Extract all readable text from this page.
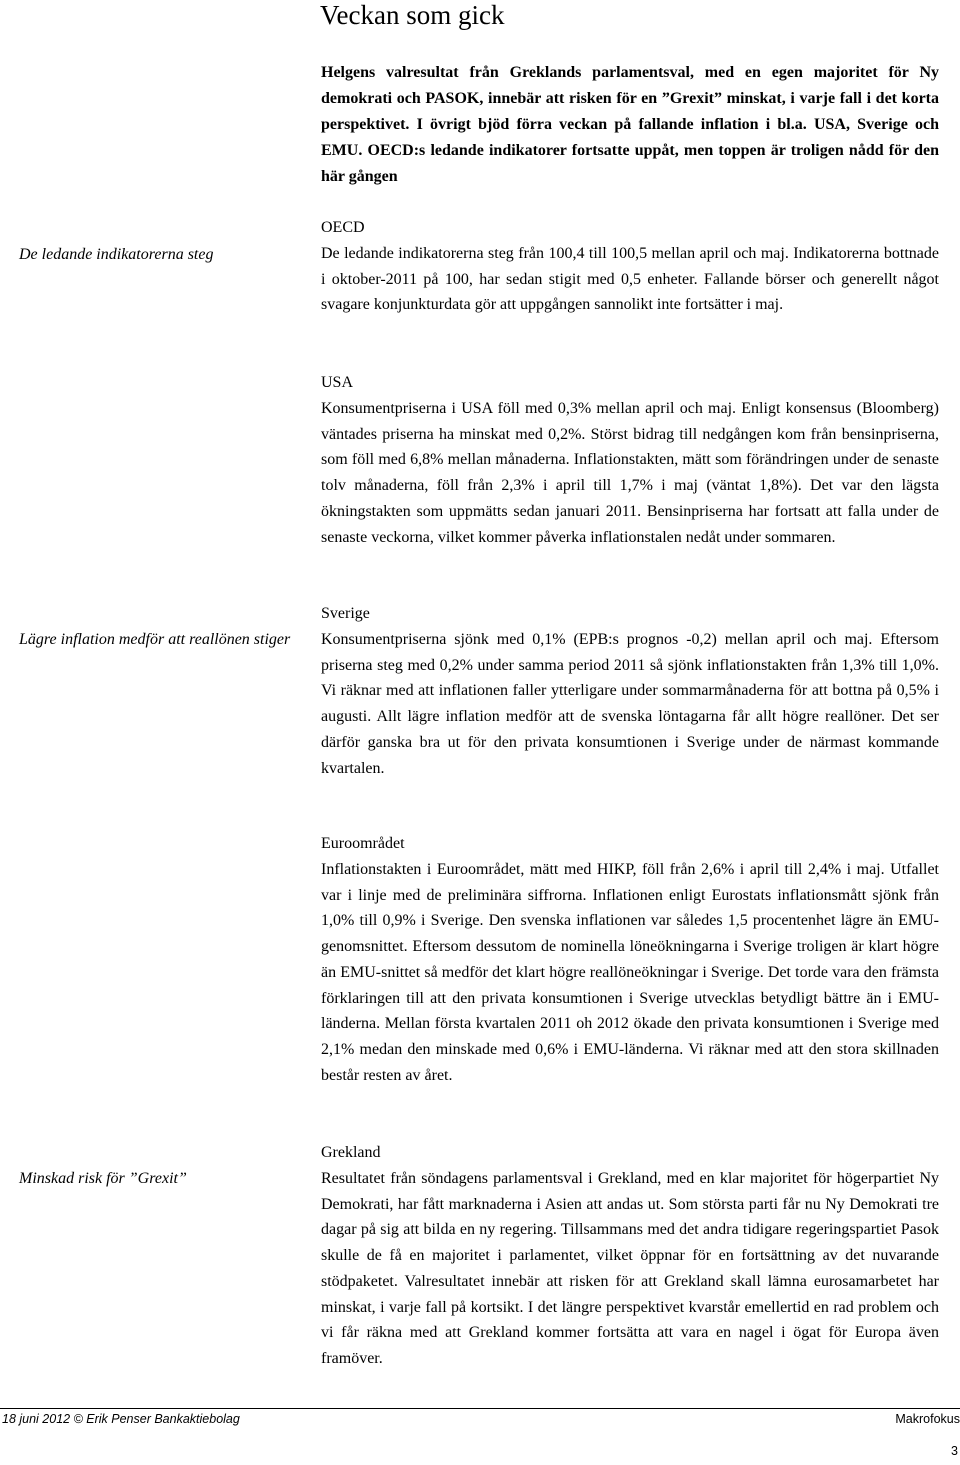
Veckan som gick
Helgens valresultat från Greklands parlamentsval, med en egen majoritet för Ny demokrati och PASOK, innebär att risken för en ”Grexit” minskat, i varje fall i det korta perspektivet. I övrigt bjöd förra veckan på fallande inflation i bl.a. USA, Sverige och EMU. OECD:s ledande indikatorer fortsatte uppåt, men toppen är troligen nådd för den här gången
De ledande indikatorerna steg
Lägre inflation medför att reallönen stiger
Minskad risk för ”Grexit”
OECD

De ledande indikatorerna steg från 100,4 till 100,5 mellan april och maj. Indikatorerna bottnade i oktober-2011 på 100, har sedan stigit med 0,5 enheter. Fallande börser och generellt något svagare konjunkturdata gör att uppgången sannolikt inte fortsätter i maj.

USA

Konsumentpriserna i USA föll med 0,3% mellan april och maj. Enligt konsensus (Bloomberg) väntades priserna ha minskat med 0,2%. Störst bidrag till nedgången kom från bensinpriserna, som föll med 6,8% mellan månaderna. Inflationstakten, mätt som förändringen under de senaste tolv månaderna, föll från 2,3% i april till 1,7% i maj (väntat 1,8%). Det var den lägsta ökningstakten som uppmätts sedan januari 2011. Bensinpriserna har fortsatt att falla under de senaste veckorna, vilket kommer påverka inflationstalen nedåt under sommaren.

Sverige

Konsumentpriserna sjönk med 0,1% (EPB:s prognos -0,2) mellan april och maj. Eftersom priserna steg med 0,2% under samma period 2011 så sjönk inflationstakten från 1,3% till 1,0%. Vi räknar med att inflationen faller ytterligare under sommarmånaderna för att bottna på 0,5% i augusti. Allt lägre inflation medför att de svenska löntagarna får allt högre reallöner. Det ser därför ganska bra ut för den privata konsumtionen i Sverige under de närmast kommande kvartalen.

Euroområdet

Inflationstakten i Euroområdet, mätt med HIKP, föll från 2,6% i april till 2,4% i maj. Utfallet var i linje med de preliminära siffrorna. Inflationen enligt Eurostats inflationsmått sjönk från 1,0% till 0,9% i Sverige. Den svenska inflationen var således 1,5 procentenhet lägre än EMU-genomsnittet. Eftersom dessutom de nominella löneökningarna i Sverige troligen är klart högre än EMU-snittet så medför det klart högre reallöneökningar i Sverige. Det torde vara den främsta förklaringen till att den privata konsumtionen i Sverige utvecklas betydligt bättre än i EMU-länderna. Mellan första kvartalen 2011 oh 2012 ökade den privata konsumtionen i Sverige med 2,1% medan den minskade med 0,6% i EMU-länderna. Vi räknar med att den stora skillnaden består resten av året.

Grekland

Resultatet från söndagens parlamentsval i Grekland, med en klar majoritet för högerpartiet Ny Demokrati, har fått marknaderna i Asien att andas ut. Som största parti får nu Ny Demokrati tre dagar på sig att bilda en ny regering. Tillsammans med det andra tidigare regeringspartiet Pasok skulle de få en majoritet i parlamentet, vilket öppnar för en fortsättning av det nuvarande stödpaketet. Valresultatet innebär att risken för att Grekland skall lämna eurosamarbetet har minskat, i varje fall på kortsikt. I det längre perspektivet kvarstår emellertid en rad problem och vi får räkna med att Grekland kommer fortsätta att vara en nagel i ögat för Europa även framöver.

18 juni 2012 © Erik Penser Bankaktiebolag	Makrofokus
3
